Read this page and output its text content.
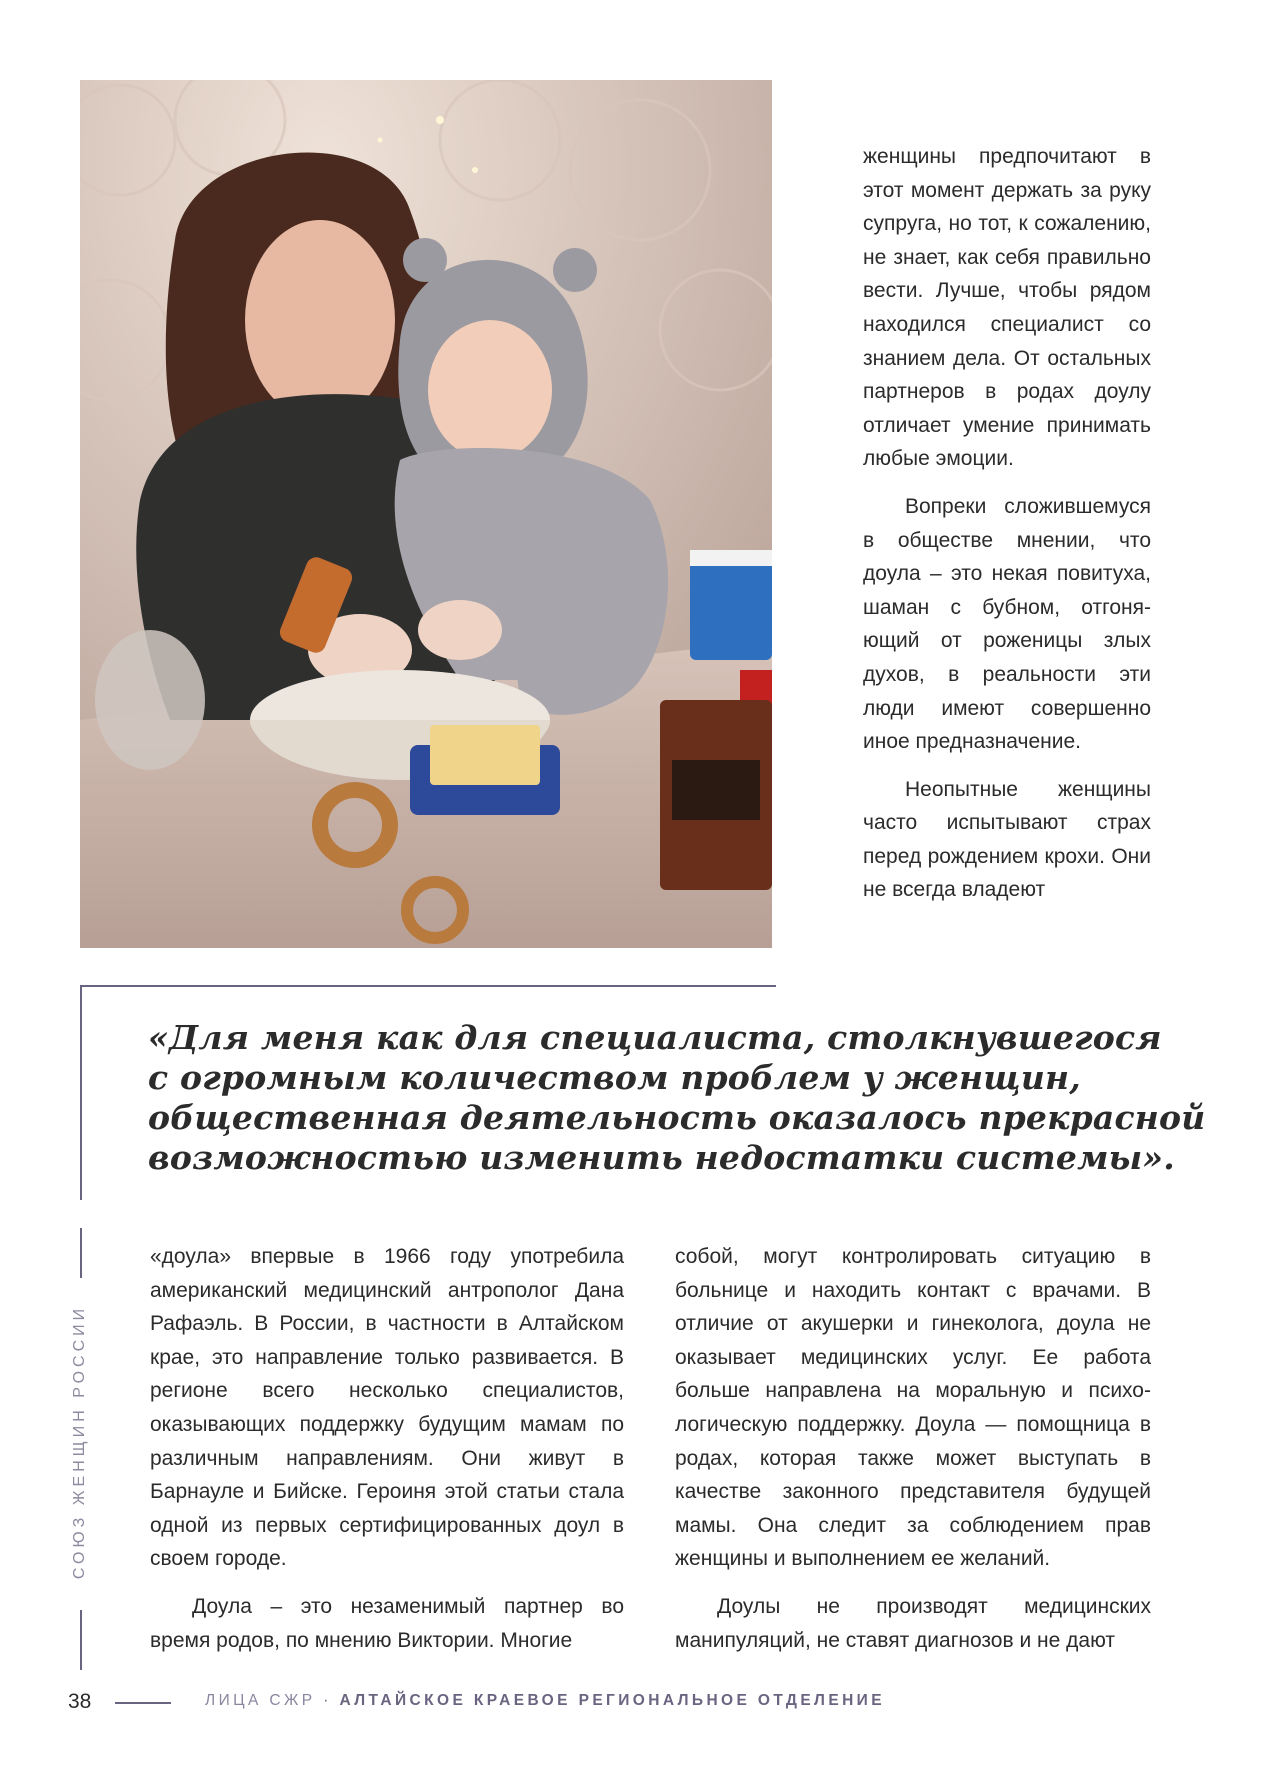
женщины предпочитают в этот момент держать за руку супруга, но тот, к сожалению, не знает, как себя правильно вести. Лучше, чтобы рядом находился специалист со знанием дела. От остальных партнеров в родах доулу отличает умение принимать любые эмоции.

Вопреки сложившемуся в обществе мнении, что доула – это некая повитуха, шаман с бубном, отгоняющий от роженицы злых духов, в реальности эти люди имеют совершенно иное предназначение.

Неопытные женщины часто испытывают страх перед рождением крохи. Они не всегда владеют

«Для меня как для специалиста, столкнувшегося
с огромным количеством проблем у женщин,
общественная деятельность оказалось прекрасной
возможностью изменить недостатки системы».
СОЮЗ ЖЕНЩИН РОССИИ

«доула» впервые в 1966 году употребила американский медицинский антрополог Дана Рафаэль. В России, в частности в Алтайском крае, это направление только развивается. В регионе всего несколько специалистов, оказывающих поддержку будущим мамам по различным направлениям. Они живут в Барнауле и Бийске. Героиня этой статьи стала одной из первых сертифицированных доул в своем городе.

Доула – это незаменимый партнер во время родов, по мнению Виктории. Многие

собой, могут контролировать ситуацию в больнице и находить контакт с врачами. В отличие от акушерки и гинеколога, доула не оказывает медицинских услуг. Ее работа больше направлена на моральную и психологическую поддержку. Доула — помощница в родах, которая также может выступать в качестве законного представителя будущей мамы. Она следит за соблюдением прав женщины и выполнением ее желаний.

Доулы не производят медицинских манипуляций, не ставят диагнозов и не дают

38	ЛИЦА СЖР · АЛТАЙСКОЕ КРАЕВОЕ РЕГИОНАЛЬНОЕ ОТДЕЛЕНИЕ
